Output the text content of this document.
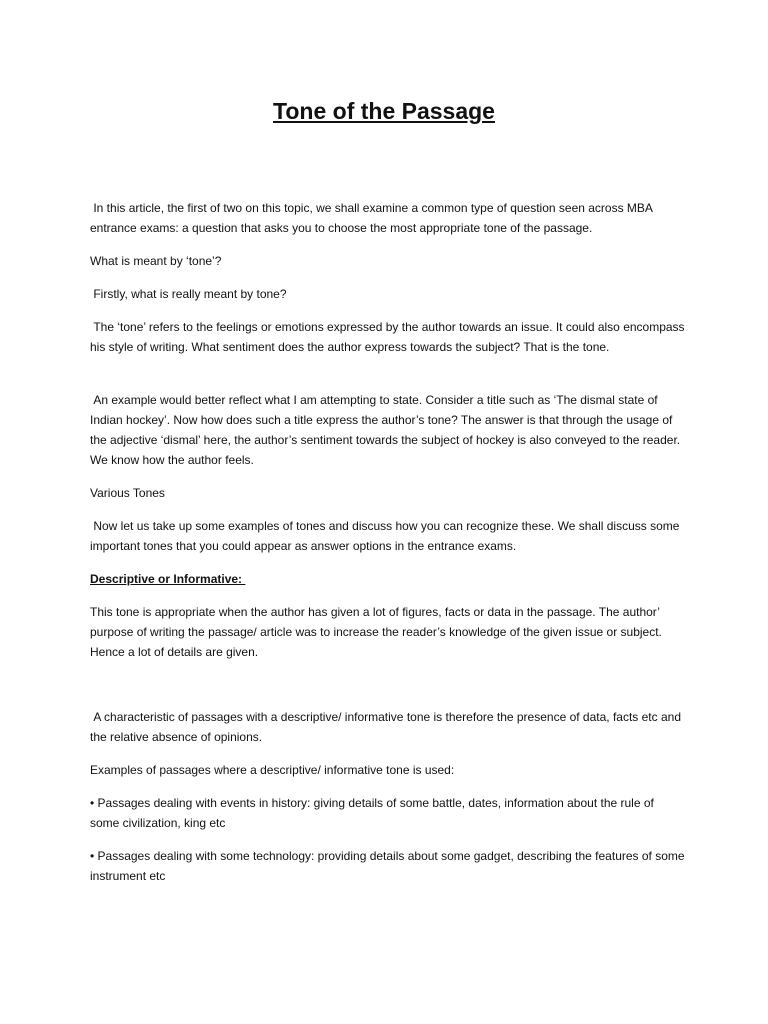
Tone of the Passage

In this article, the first of two on this topic, we shall examine a common type of question seen across MBA entrance exams: a question that asks you to choose the most appropriate tone of the passage.

What is meant by ‘tone’?

Firstly, what is really meant by tone?

The ‘tone’ refers to the feelings or emotions expressed by the author towards an issue. It could also encompass his style of writing. What sentiment does the author express towards the subject? That is the tone.

An example would better reflect what I am attempting to state. Consider a title such as ‘The dismal state of Indian hockey’. Now how does such a title express the author’s tone? The answer is that through the usage of the adjective ‘dismal’ here, the author’s sentiment towards the subject of hockey is also conveyed to the reader. We know how the author feels.

Various Tones

Now let us take up some examples of tones and discuss how you can recognize these. We shall discuss some important tones that you could appear as answer options in the entrance exams.

Descriptive or Informative:

This tone is appropriate when the author has given a lot of figures, facts or data in the passage. The author’ purpose of writing the passage/ article was to increase the reader’s knowledge of the given issue or subject. Hence a lot of details are given.

A characteristic of passages with a descriptive/ informative tone is therefore the presence of data, facts etc and the relative absence of opinions.

Examples of passages where a descriptive/ informative tone is used:

• Passages dealing with events in history: giving details of some battle, dates, information about the rule of some civilization, king etc

• Passages dealing with some technology: providing details about some gadget, describing the features of some instrument etc
